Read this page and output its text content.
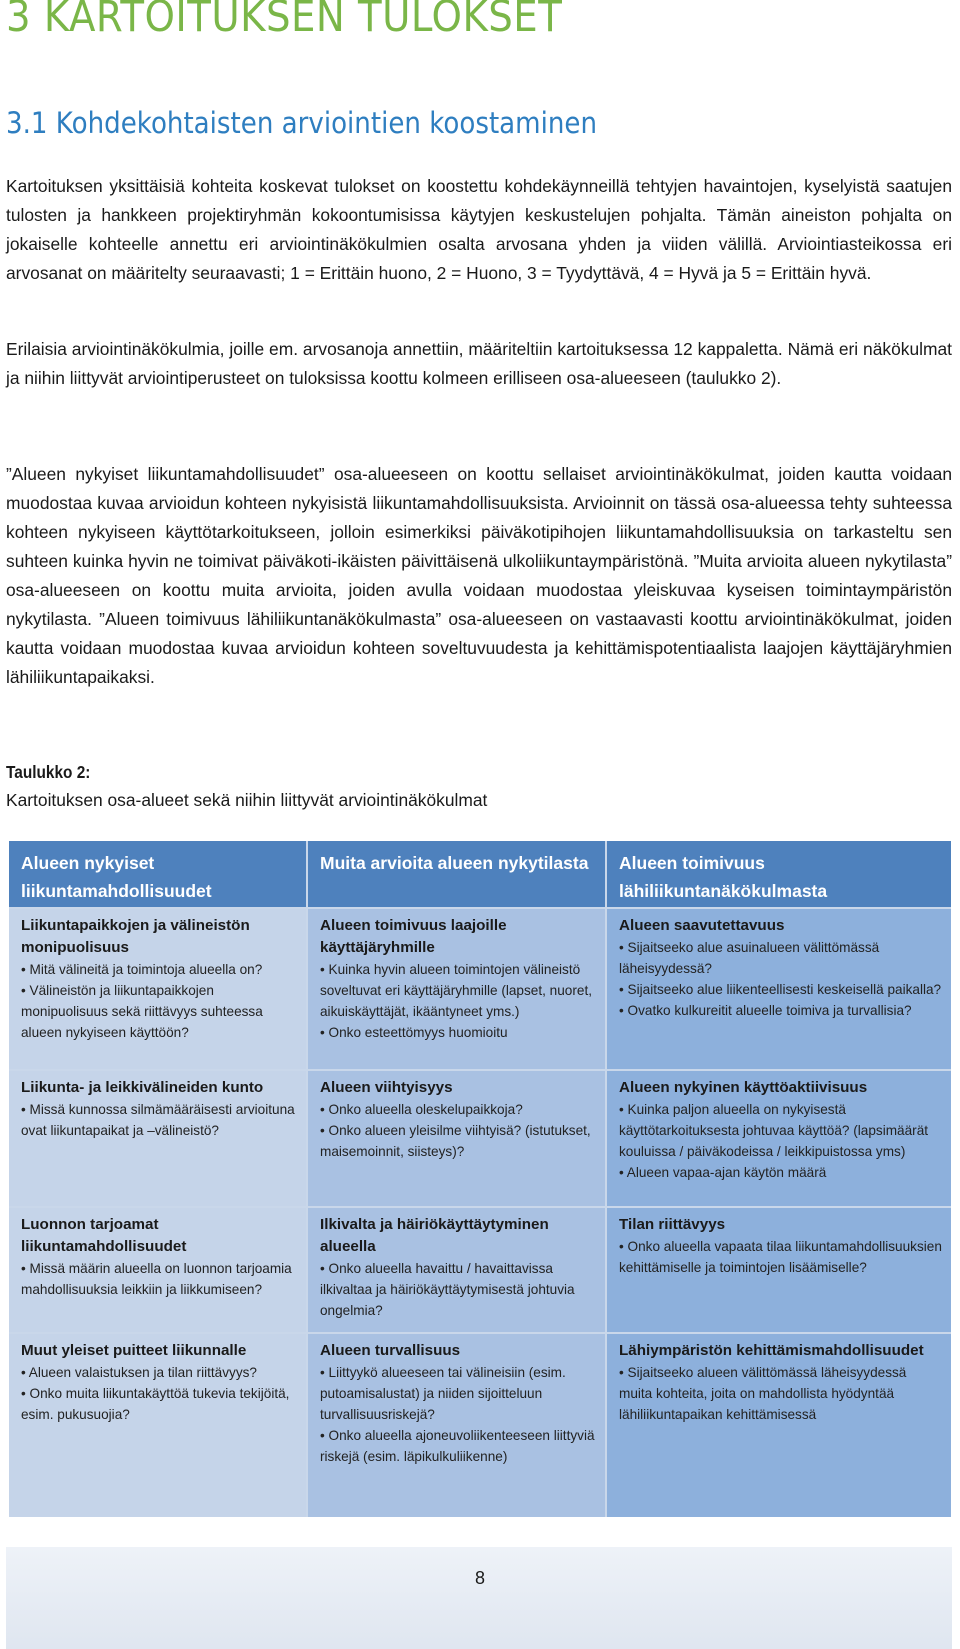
3 KARTOITUKSEN TULOKSET
3.1 Kohdekohtaisten arviointien koostaminen

Kartoituksen yksittäisiä kohteita koskevat tulokset on koostettu kohdekäynneillä tehtyjen havaintojen, kyselyistä saatujen tulosten ja hankkeen projektiryhmän kokoontumisissa käytyjen keskustelujen pohjalta. Tämän aineiston pohjalta on jokaiselle kohteelle annettu eri arviointinäkökulmien osalta arvosana yhden ja viiden välillä. Arviointiasteikossa eri arvosanat on määritelty seuraavasti; 1 = Erittäin huono, 2 = Huono, 3 = Tyydyttävä, 4 = Hyvä ja 5 = Erittäin hyvä.

Erilaisia arviointinäkökulmia, joille em. arvosanoja annettiin, määriteltiin kartoituksessa 12 kappaletta. Nämä eri näkökulmat ja niihin liittyvät arviointiperusteet on tuloksissa koottu kolmeen erilliseen osa-alueeseen (taulukko 2).

”Alueen nykyiset liikuntamahdollisuudet” osa-alueeseen on koottu sellaiset arviointinäkökulmat, joiden kautta voidaan muodostaa kuvaa arvioidun kohteen nykyisistä liikuntamahdollisuuksista. Arvioinnit on tässä osa-alueessa tehty suhteessa kohteen nykyiseen käyttötarkoitukseen, jolloin esimerkiksi päiväkotipihojen liikuntamahdollisuuksia on tarkasteltu sen suhteen kuinka hyvin ne toimivat päiväkoti-ikäisten päivittäisenä ulkoliikuntaympäristönä. ”Muita arvioita alueen nykytilasta” osa-alueeseen on koottu muita arvioita, joiden avulla voidaan muodostaa yleiskuvaa kyseisen toimintaympäristön nykytilasta. ”Alueen toimivuus lähiliikuntanäkökulmasta” osa-alueeseen on vastaavasti koottu arviointinäkökulmat, joiden kautta voidaan muodostaa kuvaa arvioidun kohteen soveltuvuudesta ja kehittämispotentiaalista laajojen käyttäjäryhmien lähiliikuntapaikaksi.

Taulukko 2:
Kartoituksen osa-alueet sekä niihin liittyvät arviointinäkökulmat
Alueen nykyiset liikuntamahdollisuudet
Muita arvioita alueen nykytilasta	Alueen toimivuus lähiliikuntanäkökulmasta
Liikuntapaikkojen ja välineistön monipuolisuus
• Mitä välineitä ja toimintoja alueella on?
• Välineistön ja liikuntapaikkojen monipuolisuus sekä riittävyys suhteessa alueen nykyiseen käyttöön?
Alueen toimivuus laajoille käyttäjäryhmille
• Kuinka hyvin alueen toimintojen välineistö soveltuvat eri käyttäjäryhmille (lapset, nuoret, aikuiskäyttäjät, ikääntyneet yms.)
• Onko esteettömyys huomioitu
Alueen saavutettavuus
• Sijaitseeko alue asuinalueen välittömässä läheisyydessä?
• Sijaitseeko alue liikenteellisesti keskeisellä paikalla?
• Ovatko kulkureitit alueelle toimiva ja turvallisia?
Liikunta- ja leikkivälineiden kunto
• Missä kunnossa silmämääräisesti arvioituna ovat liikuntapaikat ja –välineistö?
Alueen viihtyisyys
• Onko alueella oleskelupaikkoja?
• Onko alueen yleisilme viihtyisä? (istutukset, maisemoinnit, siisteys)?
Alueen nykyinen käyttöaktiivisuus
• Kuinka paljon alueella on nykyisestä käyttötarkoituksesta johtuvaa käyttöä? (lapsimäärät kouluissa / päiväkodeissa / leikkipuistossa yms)
• Alueen vapaa-ajan käytön määrä
Luonnon tarjoamat liikuntamahdollisuudet
• Missä määrin alueella on luonnon tarjoamia mahdollisuuksia leikkiin ja liikkumiseen?
Ilkivalta ja häiriökäyttäytyminen alueella
• Onko alueella havaittu / havaittavissa ilkivaltaa ja häiriökäyttäytymisestä johtuvia ongelmia?
Tilan riittävyys
• Onko alueella vapaata tilaa liikuntamahdollisuuksien kehittämiselle ja toimintojen lisäämiselle?
Muut yleiset puitteet liikunnalle
• Alueen valaistuksen ja tilan riittävyys?
• Onko muita liikuntakäyttöä tukevia tekijöitä, esim. pukusuojia?
Alueen turvallisuus
• Liittyykö alueeseen tai välineisiin (esim. putoamisalustat) ja niiden sijoitteluun turvallisuusriskejä?
• Onko alueella ajoneuvoliikenteeseen liittyviä riskejä (esim. läpikulkuliikenne)
Lähiympäristön kehittämismahdollisuudet
• Sijaitseeko alueen välittömässä läheisyydessä muita kohteita, joita on mahdollista hyödyntää lähiliikuntapaikan kehittämisessä
8
